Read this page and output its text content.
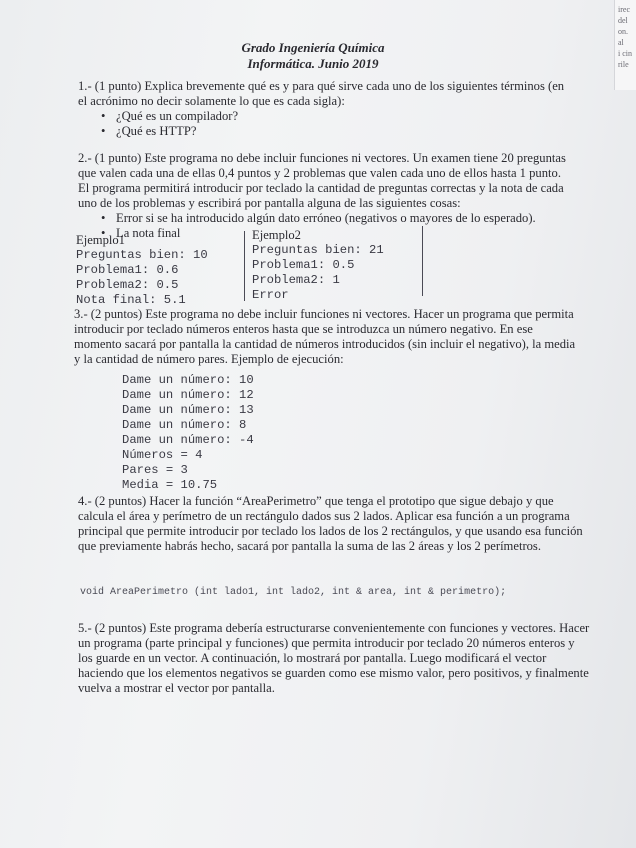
irec
del
on.
al
i cin
rile
Grado Ingeniería Química
Informática. Junio 2019

1.- (1 punto) Explica brevemente qué es y para qué sirve cada uno de los siguientes términos (en el acrónimo no decir solamente lo que es cada sigla):

• ¿Qué es un compilador?
• ¿Qué es HTTP?

2.- (1 punto) Este programa no debe incluir funciones ni vectores. Un examen tiene 20 preguntas que valen cada una de ellas 0,4 puntos y 2 problemas que valen cada uno de ellos hasta 1 punto. El programa permitirá introducir por teclado la cantidad de preguntas correctas y la nota de cada uno de los problemas y escribirá por pantalla alguna de las siguientes cosas:

• Error si se ha introducido algún dato erróneo (negativos o mayores de lo esperado).
• La nota final
Ejemplo1
Preguntas bien: 10
Problema1: 0.6
Problema2: 0.5
Nota final: 5.1
Ejemplo2
Preguntas bien: 21
Problema1: 0.5
Problema2: 1
Error

3.- (2 puntos) Este programa no debe incluir funciones ni vectores. Hacer un programa que permita introducir por teclado números enteros hasta que se introduzca un número negativo. En ese momento sacará por pantalla la cantidad de números introducidos (sin incluir el negativo), la media y la cantidad de número pares. Ejemplo de ejecución:

Dame un número: 10
Dame un número: 12
Dame un número: 13
Dame un número: 8
Dame un número: -4
Números = 4
Pares = 3
Media = 10.75

4.- (2 puntos) Hacer la función “AreaPerimetro” que tenga el prototipo que sigue debajo y que calcula el área y perímetro de un rectángulo dados sus 2 lados. Aplicar esa función a un programa principal que permite introducir por teclado los lados de los 2 rectángulos, y que usando esa función que previamente habrás hecho, sacará por pantalla la suma de las 2 áreas y los 2 perímetros.

void AreaPerimetro (int lado1, int lado2, int & area, int & perimetro);

5.- (2 puntos) Este programa debería estructurarse convenientemente con funciones y vectores. Hacer un programa (parte principal y funciones) que permita introducir por teclado 20 números enteros y los guarde en un vector. A continuación, lo mostrará por pantalla. Luego modificará el vector haciendo que los elementos negativos se guarden como ese mismo valor, pero positivos, y finalmente vuelva a mostrar el vector por pantalla.
